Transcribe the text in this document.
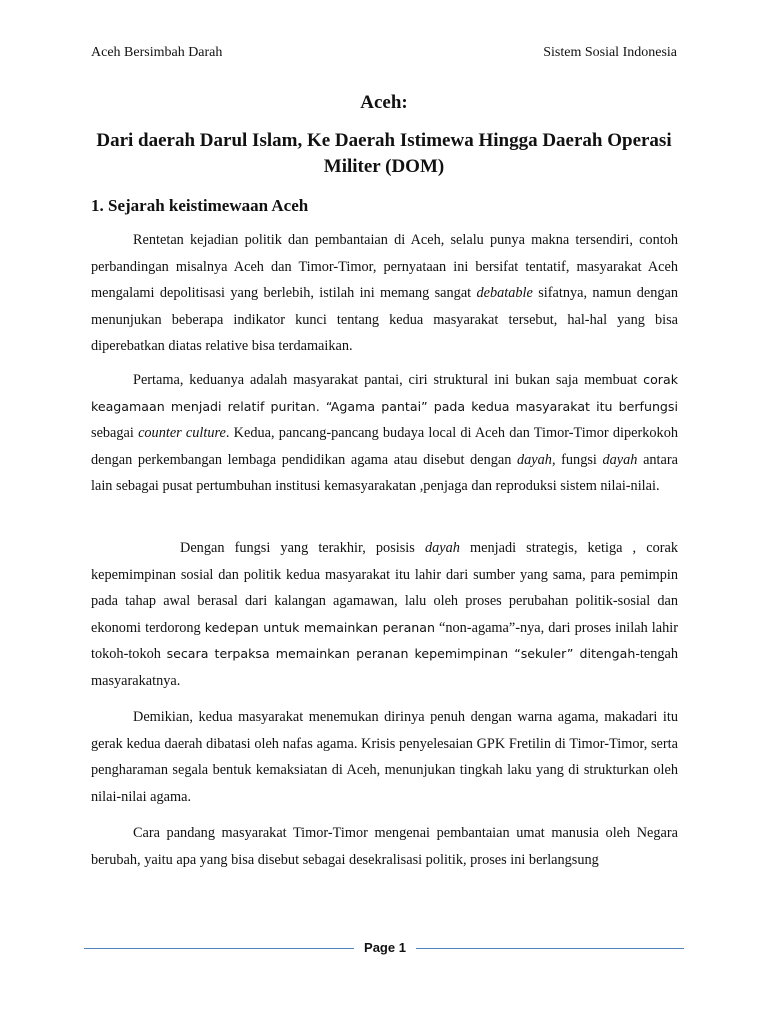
Aceh Bersimbah Darah	Sistem Sosial Indonesia
Aceh:
Dari daerah Darul Islam, Ke Daerah Istimewa Hingga Daerah Operasi Militer (DOM)
1. Sejarah keistimewaan Aceh

Rentetan kejadian politik dan pembantaian di Aceh, selalu punya makna tersendiri, contoh perbandingan misalnya Aceh dan Timor-Timor, pernyataan ini bersifat tentatif, masyarakat Aceh mengalami depolitisasi yang berlebih, istilah ini memang sangat debatable sifatnya, namun dengan menunjukan beberapa indikator kunci tentang kedua masyarakat tersebut, hal-hal yang bisa diperebatkan diatas relative bisa terdamaikan.

Pertama, keduanya adalah masyarakat pantai, ciri struktural ini bukan saja membuat corak keagamaan menjadi relatif puritan. “Agama pantai” pada kedua masyarakat itu berfungsi sebagai counter culture. Kedua, pancang-pancang budaya local di Aceh dan Timor-Timor diperkokoh dengan perkembangan lembaga pendidikan agama atau disebut dengan dayah, fungsi dayah antara lain sebagai pusat pertumbuhan institusi kemasyarakatan ,penjaga dan reproduksi sistem nilai-nilai.

Dengan fungsi yang terakhir, posisis dayah menjadi strategis, ketiga , corak kepemimpinan sosial dan politik kedua masyarakat itu lahir dari sumber yang sama, para pemimpin pada tahap awal berasal dari kalangan agamawan, lalu oleh proses perubahan politik-sosial dan ekonomi terdorong kedepan untuk memainkan peranan “non-agama”-nya, dari proses inilah lahir tokoh-tokoh secara terpaksa memainkan peranan kepemimpinan “sekuler” ditengah-tengah masyarakatnya.

Demikian, kedua masyarakat menemukan dirinya penuh dengan warna agama, makadari itu gerak kedua daerah dibatasi oleh nafas agama. Krisis penyelesaian GPK Fretilin di Timor-Timor, serta pengharaman segala bentuk kemaksiatan di Aceh, menunjukan tingkah laku yang di strukturkan oleh nilai-nilai agama.

Cara pandang masyarakat Timor-Timor mengenai pembantaian umat manusia oleh Negara berubah, yaitu apa yang bisa disebut sebagai desekralisasi politik, proses ini berlangsung

Page 1
